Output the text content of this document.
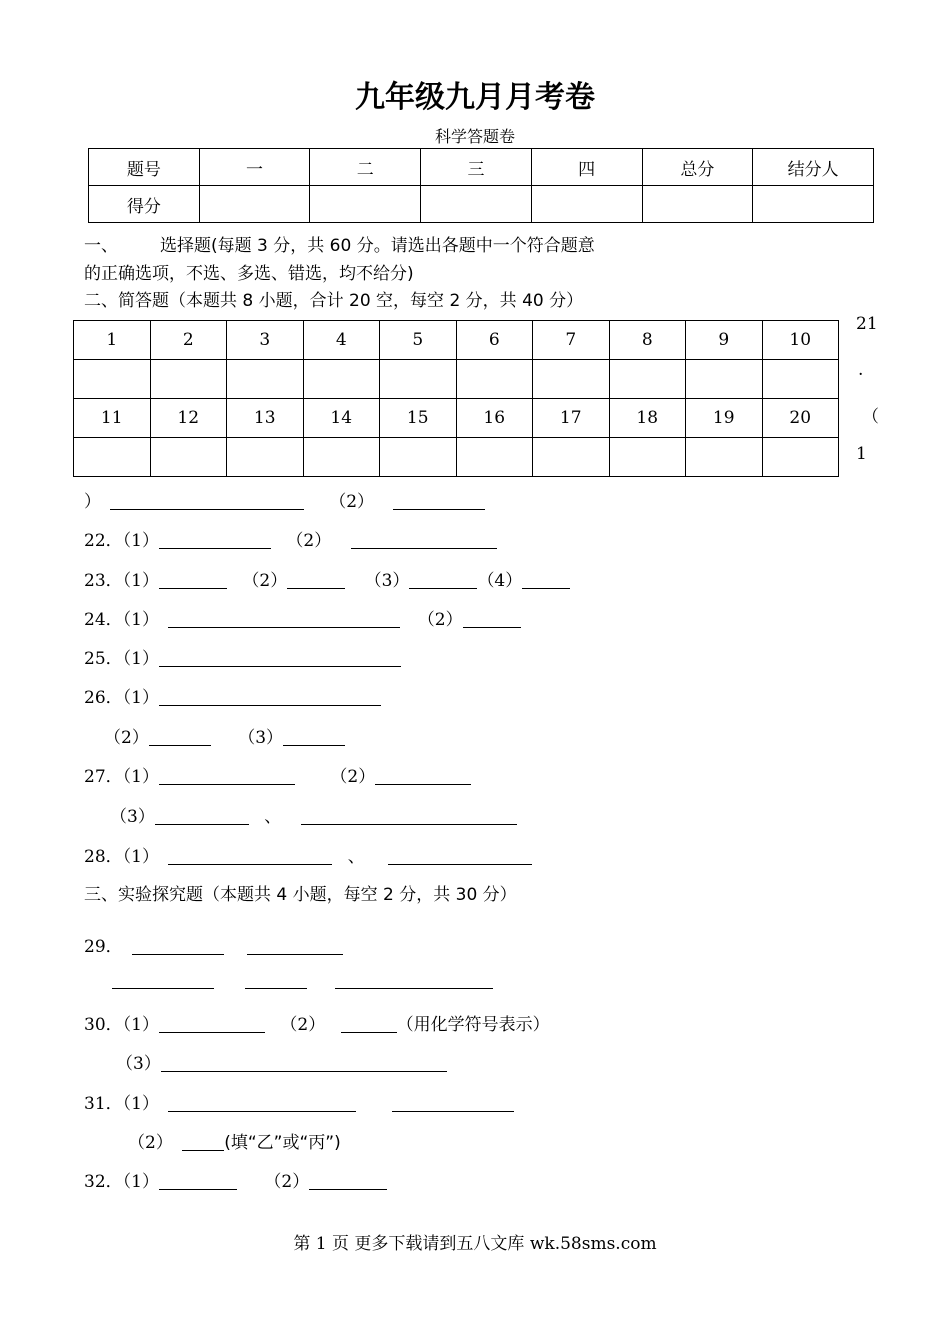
九年级九月月考卷
科学答题卷
题号	一	二	三	四	总分	结分人
得分						
一、 选择题(每题 3 分，共 60 分。请选出各题中一个符合题意
的正确选项，不选、多选、错选，均不给分)
二、简答题（本题共 8 小题，合计 20 空，每空 2 分，共 40 分）
1	2	3	4	5	6	7	8	9	10

11	12	13	14	15	16	17	18	19	20

21
.
（
1
）	（2）
22．（1）	（2）
23．（1）	（2）	（3）	（4）
24．（1）	（2）
25．（1）
26．（1）
（2）	（3）
27．（1）	（2）
（3）	、
28．（1）	、
三、实验探究题（本题共 4 小题，每空 2 分，共 30 分）
29．

30．（1）	（2）	（用化学符号表示）
（3）
31．（1）
（2）	(填“乙”或“丙”)
32．（1）	（2）
第 1 页 更多下载请到五八文库 wk.58sms.com
